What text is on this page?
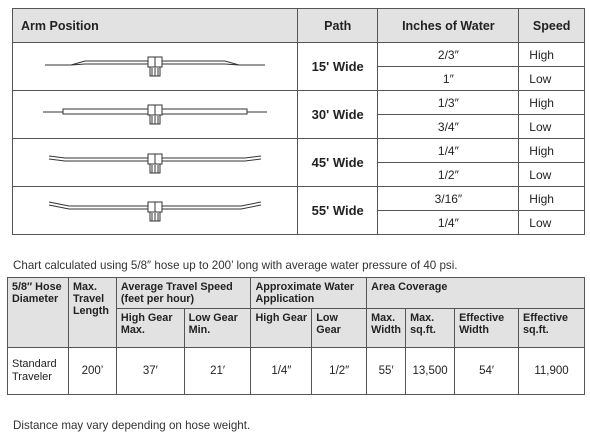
Arm Position	Path	Inches of Water	Speed

	15' Wide	2/3″	High
		1″	Low

	30' Wide	1/3″	High
		3/4″	Low

	45' Wide	1/4″	High
		1/2″	Low

	55' Wide	3/16″	High
		1/4″	Low
Chart calculated using 5/8″ hose up to 200’ long with average water pressure of 40 psi.
5/8″ Hose Diameter	Max. Travel Length	Average Travel Speed (feet per hour)		Approximate Water Application		Area Coverage			
		High Gear Max.	Low Gear Min.	High Gear	Low Gear	Max. Width	Max. sq.ft.	Effective Width	Effective sq.ft.
Standard Traveler	200’	37′	21′	1/4″	1/2″	55′	13,500	54′	11,900
Distance may vary depending on hose weight.
